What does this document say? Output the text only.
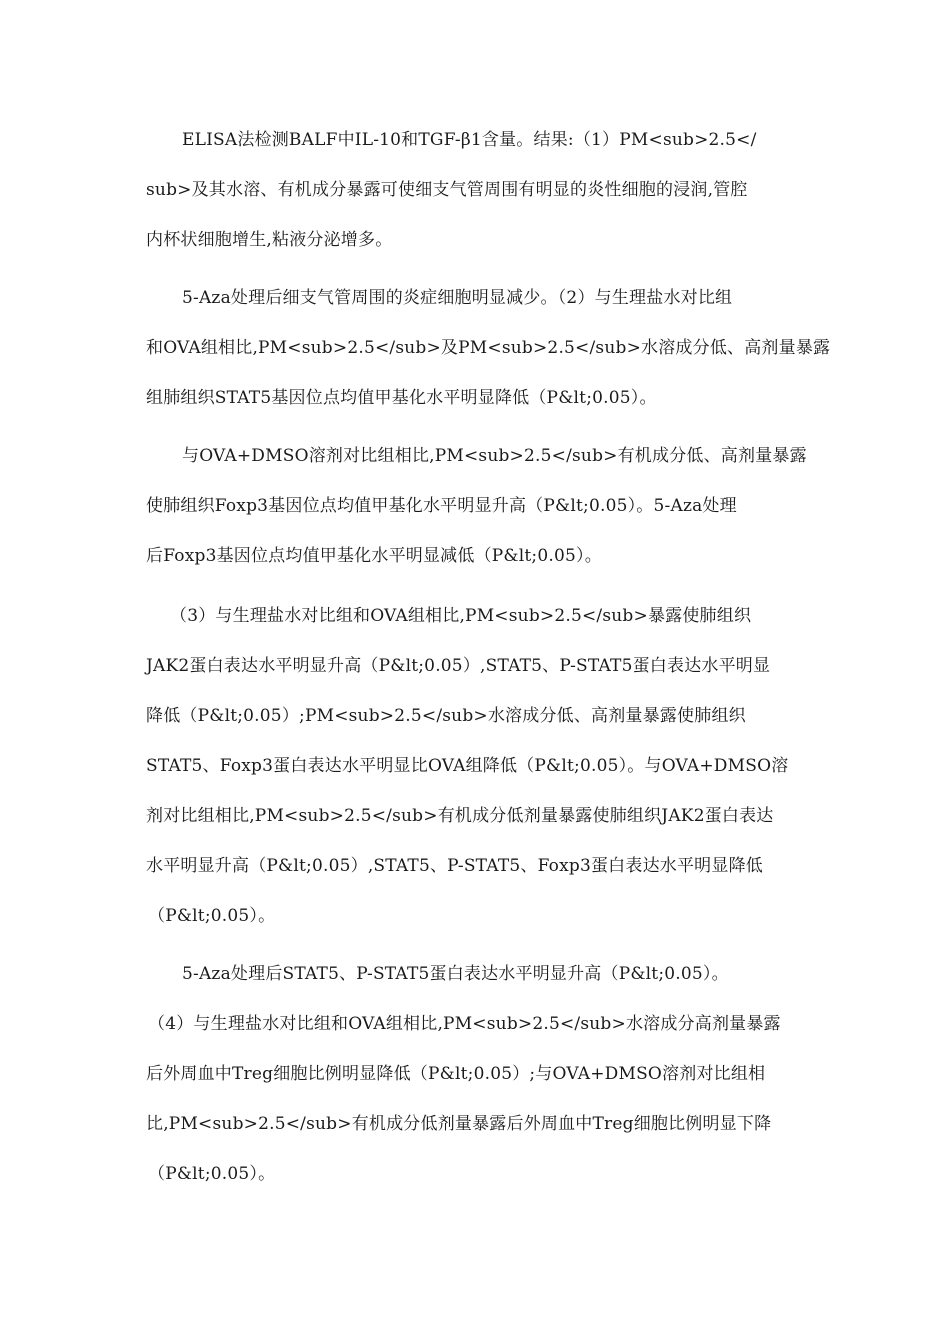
ELISA法检测BALF中IL-10和TGF-β1含量。结果:（1）PM<sub>2.5</
sub>及其水溶、有机成分暴露可使细支气管周围有明显的炎性细胞的浸润,管腔
内杯状细胞增生,粘液分泌增多。
5-Aza处理后细支气管周围的炎症细胞明显减少。（2）与生理盐水对比组
和OVA组相比,PM<sub>2.5</sub>及PM<sub>2.5</sub>水溶成分低、高剂量暴露
组肺组织STAT5基因位点均值甲基化水平明显降低（P&lt;0.05）。
与OVA+DMSO溶剂对比组相比,PM<sub>2.5</sub>有机成分低、高剂量暴露
使肺组织Foxp3基因位点均值甲基化水平明显升高（P&lt;0.05）。5-Aza处理
后Foxp3基因位点均值甲基化水平明显减低（P&lt;0.05）。
（3）与生理盐水对比组和OVA组相比,PM<sub>2.5</sub>暴露使肺组织
JAK2蛋白表达水平明显升高（P&lt;0.05）,STAT5、P-STAT5蛋白表达水平明显
降低（P&lt;0.05）;PM<sub>2.5</sub>水溶成分低、高剂量暴露使肺组织
STAT5、Foxp3蛋白表达水平明显比OVA组降低（P&lt;0.05）。与OVA+DMSO溶
剂对比组相比,PM<sub>2.5</sub>有机成分低剂量暴露使肺组织JAK2蛋白表达
水平明显升高（P&lt;0.05）,STAT5、P-STAT5、Foxp3蛋白表达水平明显降低
（P&lt;0.05）。
5-Aza处理后STAT5、P-STAT5蛋白表达水平明显升高（P&lt;0.05）。
（4）与生理盐水对比组和OVA组相比,PM<sub>2.5</sub>水溶成分高剂量暴露
后外周血中Treg细胞比例明显降低（P&lt;0.05）;与OVA+DMSO溶剂对比组相
比,PM<sub>2.5</sub>有机成分低剂量暴露后外周血中Treg细胞比例明显下降
（P&lt;0.05）。
